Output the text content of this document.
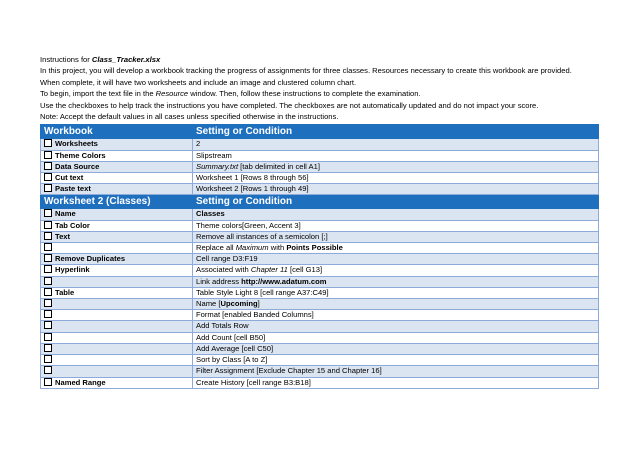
Instructions for Class_Tracker.xlsx
In this project, you will develop a workbook tracking the progress of assignments for three classes. Resources necessary to create this workbook are provided.
When complete, it will have two worksheets and include an image and clustered column chart.
To begin, import the text file in the Resource window. Then, follow these instructions to complete the examination.
Use the checkboxes to help track the instructions you have completed. The checkboxes are not automatically updated and do not impact your score.
Note: Accept the default values in all cases unless specified otherwise in the instructions.
Workbook	Setting or Condition
Worksheets	2
Theme Colors	Slipstream
Data Source	Summary.txt [tab delimited in cell A1]
Cut text	Worksheet 1 [Rows 8 through 56]
Paste text	Worksheet 2 [Rows 1 through 49]
Worksheet 2 (Classes)	Setting or Condition
Name	Classes
Tab Color	Theme colors[Green, Accent 3]
Text	Remove all instances of a semicolon [;]
	Replace all Maximum with Points Possible
Remove Duplicates	Cell range D3:F19
Hyperlink	Associated with Chapter 11 [cell G13]
	Link address http://www.adatum.com
Table	Table Style Light 8 [cell range A37:C49]
	Name [Upcoming]
	Format [enabled Banded Columns]
	Add Totals Row
	Add Count [cell B50]
	Add Average [cell C50]
	Sort by Class [A to Z]
	Filter Assignment [Exclude Chapter 15 and Chapter 16]
Named Range	Create History [cell range B3:B18]
